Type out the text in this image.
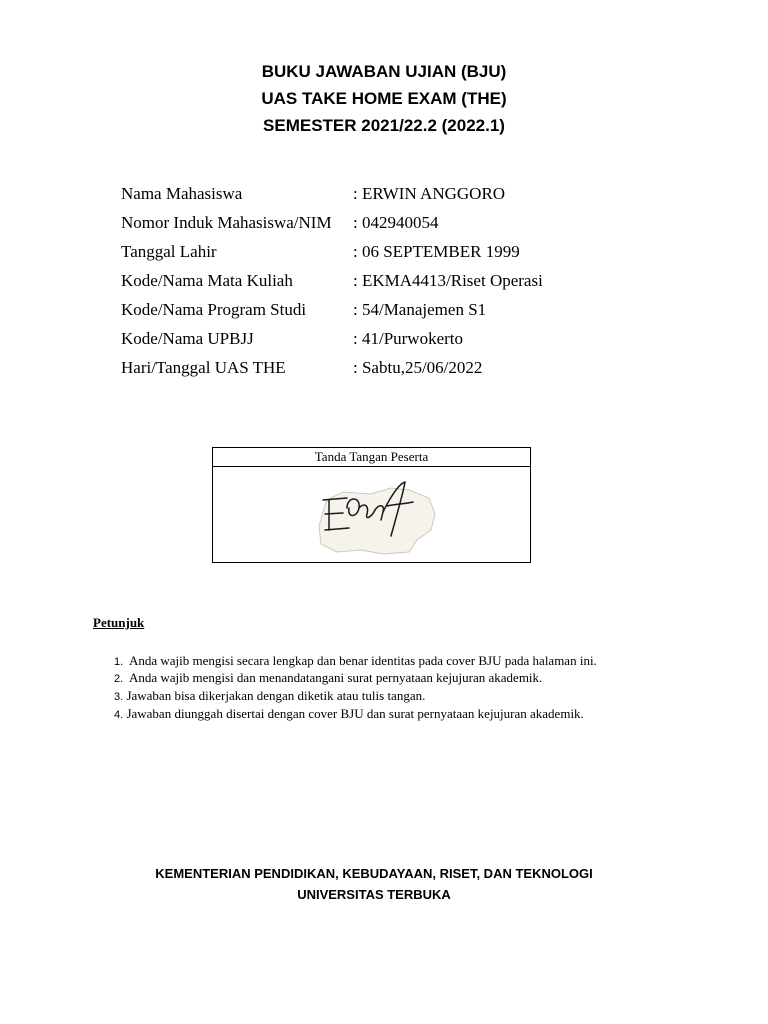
BUKU JAWABAN UJIAN (BJU)
UAS TAKE HOME EXAM (THE)
SEMESTER 2021/22.2 (2022.1)
Nama Mahasiswa	: ERWIN ANGGORO
Nomor Induk Mahasiswa/NIM : 042940054
Tanggal Lahir	: 06 SEPTEMBER 1999
Kode/Nama Mata Kuliah	: EKMA4413/Riset Operasi
Kode/Nama Program Studi	: 54/Manajemen S1
Kode/Nama UPBJJ	: 41/Purwokerto
Hari/Tanggal UAS THE	: Sabtu,25/06/2022
Tanda Tangan Peserta
Petunjuk
1.  Anda wajib mengisi secara lengkap dan benar identitas pada cover BJU pada halaman ini.
2.  Anda wajib mengisi dan menandatangani surat pernyataan kejujuran akademik.
3. Jawaban bisa dikerjakan dengan diketik atau tulis tangan.
4. Jawaban diunggah disertai dengan cover BJU dan surat pernyataan kejujuran akademik.
KEMENTERIAN PENDIDIKAN, KEBUDAYAAN, RISET, DAN TEKNOLOGI
UNIVERSITAS TERBUKA
